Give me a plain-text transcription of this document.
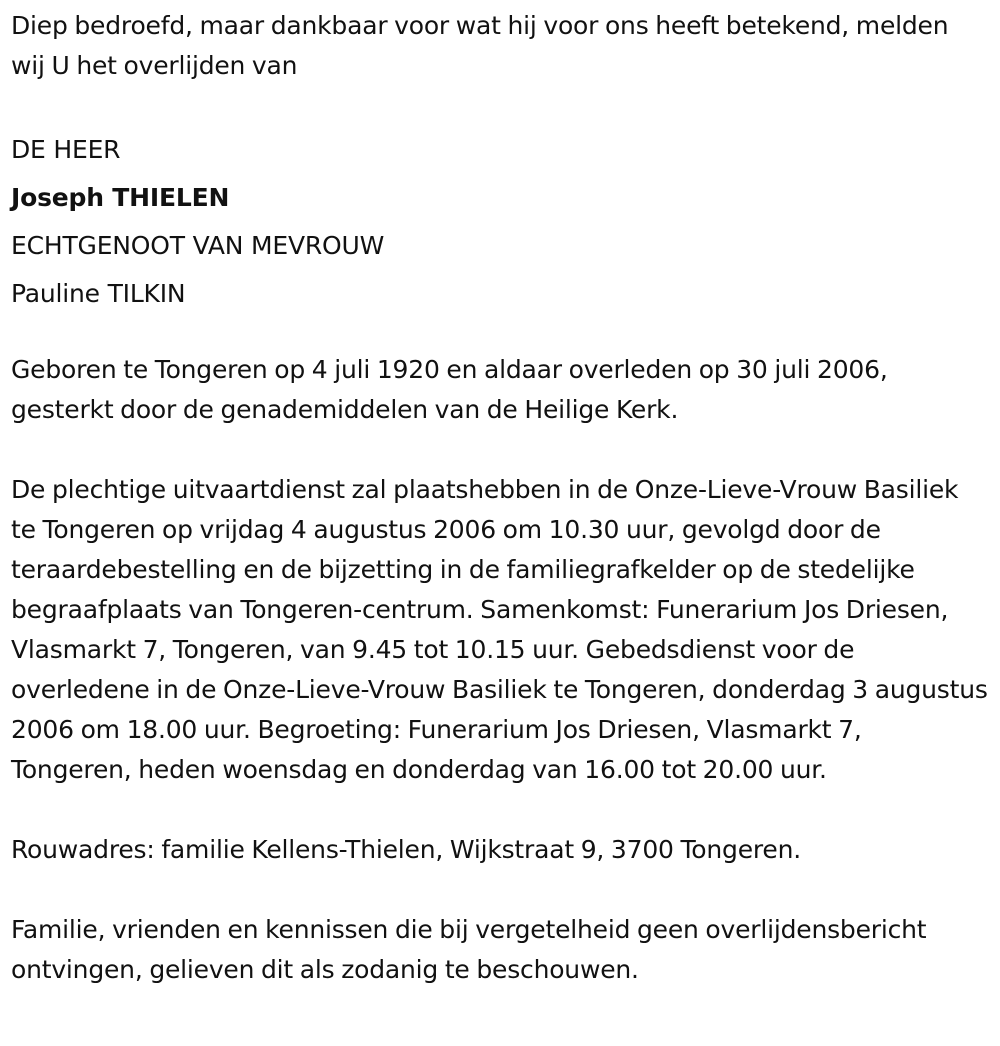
Diep bedroefd, maar dankbaar voor wat hij voor ons heeft betekend, melden wij U het overlijden van

DE HEER
Joseph THIELEN
ECHTGENOOT VAN MEVROUW
Pauline TILKIN

Geboren te Tongeren op 4 juli 1920 en aldaar overleden op 30 juli 2006, gesterkt door de genademiddelen van de Heilige Kerk.

De plechtige uitvaartdienst zal plaatshebben in de Onze-Lieve-Vrouw Basiliek te Tongeren op vrijdag 4 augustus 2006 om 10.30 uur, gevolgd door de teraardebestelling en de bijzetting in de familiegrafkelder op de stedelijke begraafplaats van Tongeren-centrum. Samenkomst: Funerarium Jos Driesen, Vlasmarkt 7, Tongeren, van 9.45 tot 10.15 uur. Gebedsdienst voor de overledene in de Onze-Lieve-Vrouw Basiliek te Tongeren, donderdag 3 augustus 2006 om 18.00 uur. Begroeting: Funerarium Jos Driesen, Vlasmarkt 7, Tongeren, heden woensdag en donderdag van 16.00 tot 20.00 uur.

Rouwadres: familie Kellens-Thielen, Wijkstraat 9, 3700 Tongeren.

Familie, vrienden en kennissen die bij vergetelheid geen overlijdensbericht ontvingen, gelieven dit als zodanig te beschouwen.
